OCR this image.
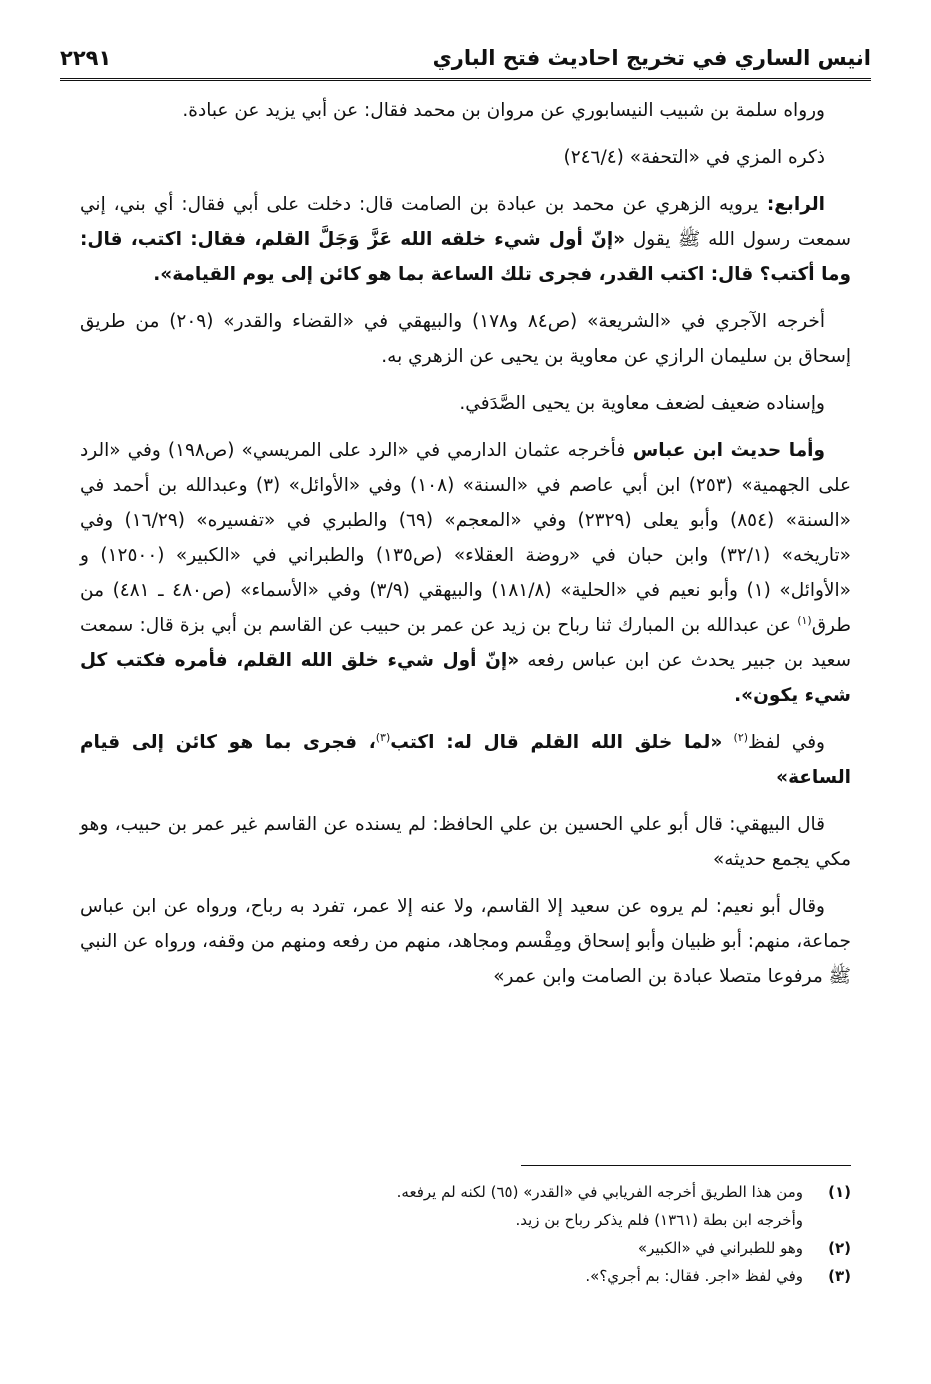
انيس الساري في تخريج احاديث فتح الباري
٢٢٩١

ورواه سلمة بن شبيب النيسابوري عن مروان بن محمد فقال: عن أبي يزيد عن عبادة.

ذكره المزي في «التحفة» (٢٤٦/٤)

الرابع: يرويه الزهري عن محمد بن عبادة بن الصامت قال: دخلت على أبي فقال: أي بني، إني سمعت رسول الله ﷺ يقول «إنّ أول شيء خلقه الله عَزَّ وَجَلَّ القلم، فقال: اكتب، قال: وما أكتب؟ قال: اكتب القدر، فجرى تلك الساعة بما هو كائن إلى يوم القيامة».

أخرجه الآجري في «الشريعة» (ص٨٤ و١٧٨) والبيهقي في «القضاء والقدر» (٢٠٩) من طريق إسحاق بن سليمان الرازي عن معاوية بن يحيى عن الزهري به.

وإسناده ضعيف لضعف معاوية بن يحيى الصَّدَفي.

وأما حديث ابن عباس فأخرجه عثمان الدارمي في «الرد على المريسي» (ص١٩٨) وفي «الرد على الجهمية» (٢٥٣) ابن أبي عاصم في «السنة» (١٠٨) وفي «الأوائل» (٣) وعبدالله بن أحمد في «السنة» (٨٥٤) وأبو يعلى (٢٣٢٩) وفي «المعجم» (٦٩) والطبري في «تفسيره» (١٦/٢٩) وفي «تاريخه» (٣٢/١) وابن حبان في «روضة العقلاء» (ص١٣٥) والطبراني في «الكبير» (١٢٥٠٠) و «الأوائل» (١) وأبو نعيم في «الحلية» (١٨١/٨) والبيهقي (٣/٩) وفي «الأسماء» (ص٤٨٠ ـ ٤٨١) من طرق$^{(١)}$ عن عبدالله بن المبارك ثنا رباح بن زيد عن عمر بن حبيب عن القاسم بن أبي بزة قال: سمعت سعيد بن جبير يحدث عن ابن عباس رفعه «إنّ أول شيء خلق الله القلم، فأمره فكتب كل شيء يكون».

وفي لفظ$^{(٢)}$ «لما خلق الله القلم قال له: اكتب$^{(٣)}$، فجرى بما هو كائن إلى قيام الساعة»

قال البيهقي: قال أبو علي الحسين بن علي الحافظ: لم يسنده عن القاسم غير عمر بن حبيب، وهو مكي يجمع حديثه»

وقال أبو نعيم: لم يروه عن سعيد إلا القاسم، ولا عنه إلا عمر، تفرد به رباح، ورواه عن ابن عباس جماعة، منهم: أبو ظبيان وأبو إسحاق ومِقْسم ومجاهد، منهم من رفعه ومنهم من وقفه، ورواه عن النبي ﷺ مرفوعا متصلا عبادة بن الصامت وابن عمر»

(١)
ومن هذا الطريق أخرجه الفريابي في «القدر» (٦٥) لكنه لم يرفعه.
وأخرجه ابن بطة (١٣٦١) فلم يذكر رباح بن زيد.
(٢)
وهو للطبراني في «الكبير»
(٣)
وفي لفظ «اجر. فقال: بم أجري؟».
